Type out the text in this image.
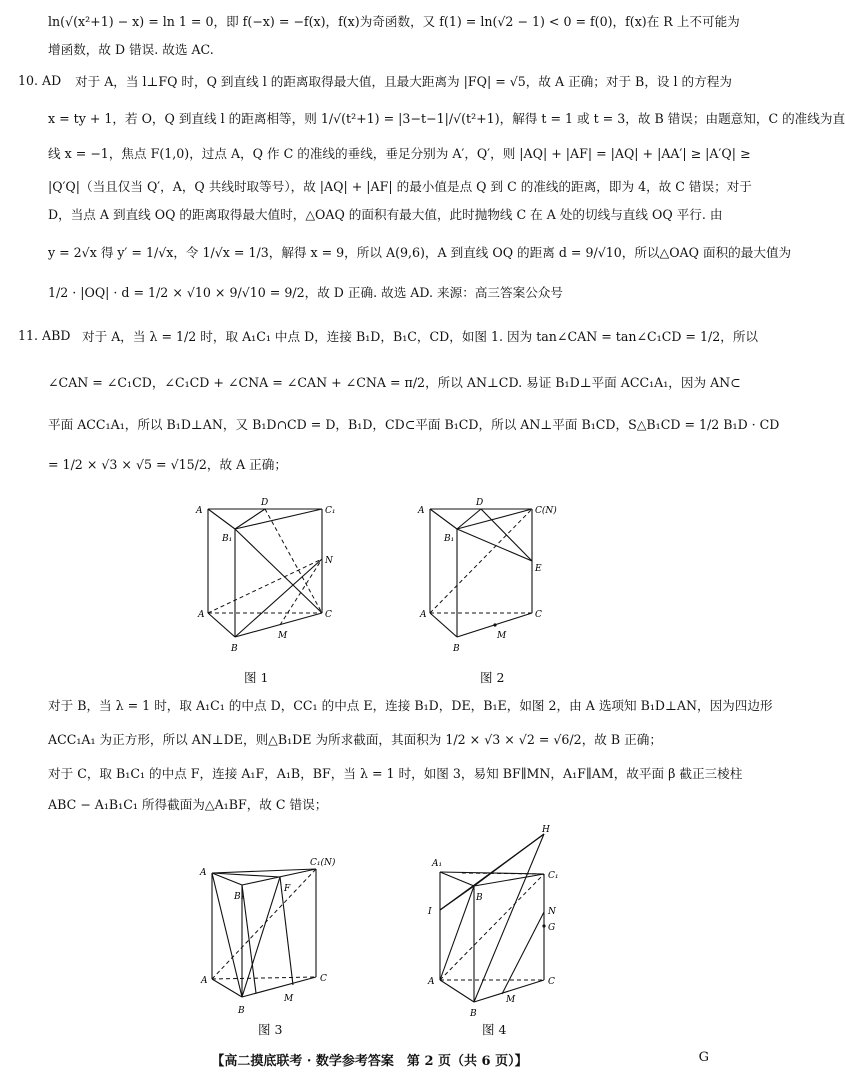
ln(√(x²+1) − x) = ln 1 = 0，即 f(−x) = −f(x)，f(x)为奇函数，又 f(1) = ln(√2 − 1) < 0 = f(0)，f(x)在 R 上不可能为
增函数，故 D 错误. 故选 AC.
10. AD 对于 A，当 l⊥FQ 时，Q 到直线 l 的距离取得最大值，且最大距离为 |FQ| = √5，故 A 正确；对于 B，设 l 的方程为
x = ty + 1，若 O，Q 到直线 l 的距离相等，则 1/√(t²+1) = |3−t−1|/√(t²+1)，解得 t = 1 或 t = 3，故 B 错误；由题意知，C 的准线为直
线 x = −1，焦点 F(1,0)，过点 A，Q 作 C 的准线的垂线，垂足分别为 A′，Q′，则 |AQ| + |AF| = |AQ| + |AA′| ≥ |A′Q| ≥
|Q′Q|（当且仅当 Q′，A，Q 共线时取等号），故 |AQ| + |AF| 的最小值是点 Q 到 C 的准线的距离，即为 4，故 C 错误；对于
D，当点 A 到直线 OQ 的距离取得最大值时，△OAQ 的面积有最大值，此时抛物线 C 在 A 处的切线与直线 OQ 平行. 由
y = 2√x 得 y′ = 1/√x，令 1/√x = 1/3，解得 x = 9，所以 A(9,6)，A 到直线 OQ 的距离 d = 9/√10，所以△OAQ 面积的最大值为
1/2 · |OQ| · d = 1/2 × √10 × 9/√10 = 9/2，故 D 正确. 故选 AD. 来源：高三答案公众号
11. ABD 对于 A，当 λ = 1/2 时，取 A₁C₁ 中点 D，连接 B₁D，B₁C，CD，如图 1. 因为 tan∠CAN = tan∠C₁CD = 1/2，所以
∠CAN = ∠C₁CD，∠C₁CD + ∠CNA = ∠CAN + ∠CNA = π/2，所以 AN⊥CD. 易证 B₁D⊥平面 ACC₁A₁，因为 AN⊂
平面 ACC₁A₁，所以 B₁D⊥AN，又 B₁D∩CD = D，B₁D，CD⊂平面 B₁CD，所以 AN⊥平面 B₁CD，S△B₁CD = 1/2 B₁D · CD
= 1/2 × √3 × √5 = √15/2，故 A 正确；
A
D
C₁
B₁
N
A	C
M
B
图 1
A
D
C(N)
B₁
E
A	C
M
B
图 2
对于 B，当 λ = 1 时，取 A₁C₁ 的中点 D，CC₁ 的中点 E，连接 B₁D，DE，B₁E，如图 2，由 A 选项知 B₁D⊥AN，因为四边形
ACC₁A₁ 为正方形，所以 AN⊥DE，则△B₁DE 为所求截面，其面积为 1/2 × √3 × √2 = √6/2，故 B 正确；
对于 C，取 B₁C₁ 的中点 F，连接 A₁F，A₁B，BF，当 λ = 1 时，如图 3，易知 BF∥MN，A₁F∥AM，故平面 β 截正三棱柱
ABC − A₁B₁C₁ 所得截面为△A₁BF，故 C 错误；
A
C₁(N)
F
B₁
A	C
M
B
图 3
H
A₁
C₁
B
I	N
G
A	C
M
B
图 4
【高二摸底联考 · 数学参考答案　第 2 页（共 6 页）】	G
